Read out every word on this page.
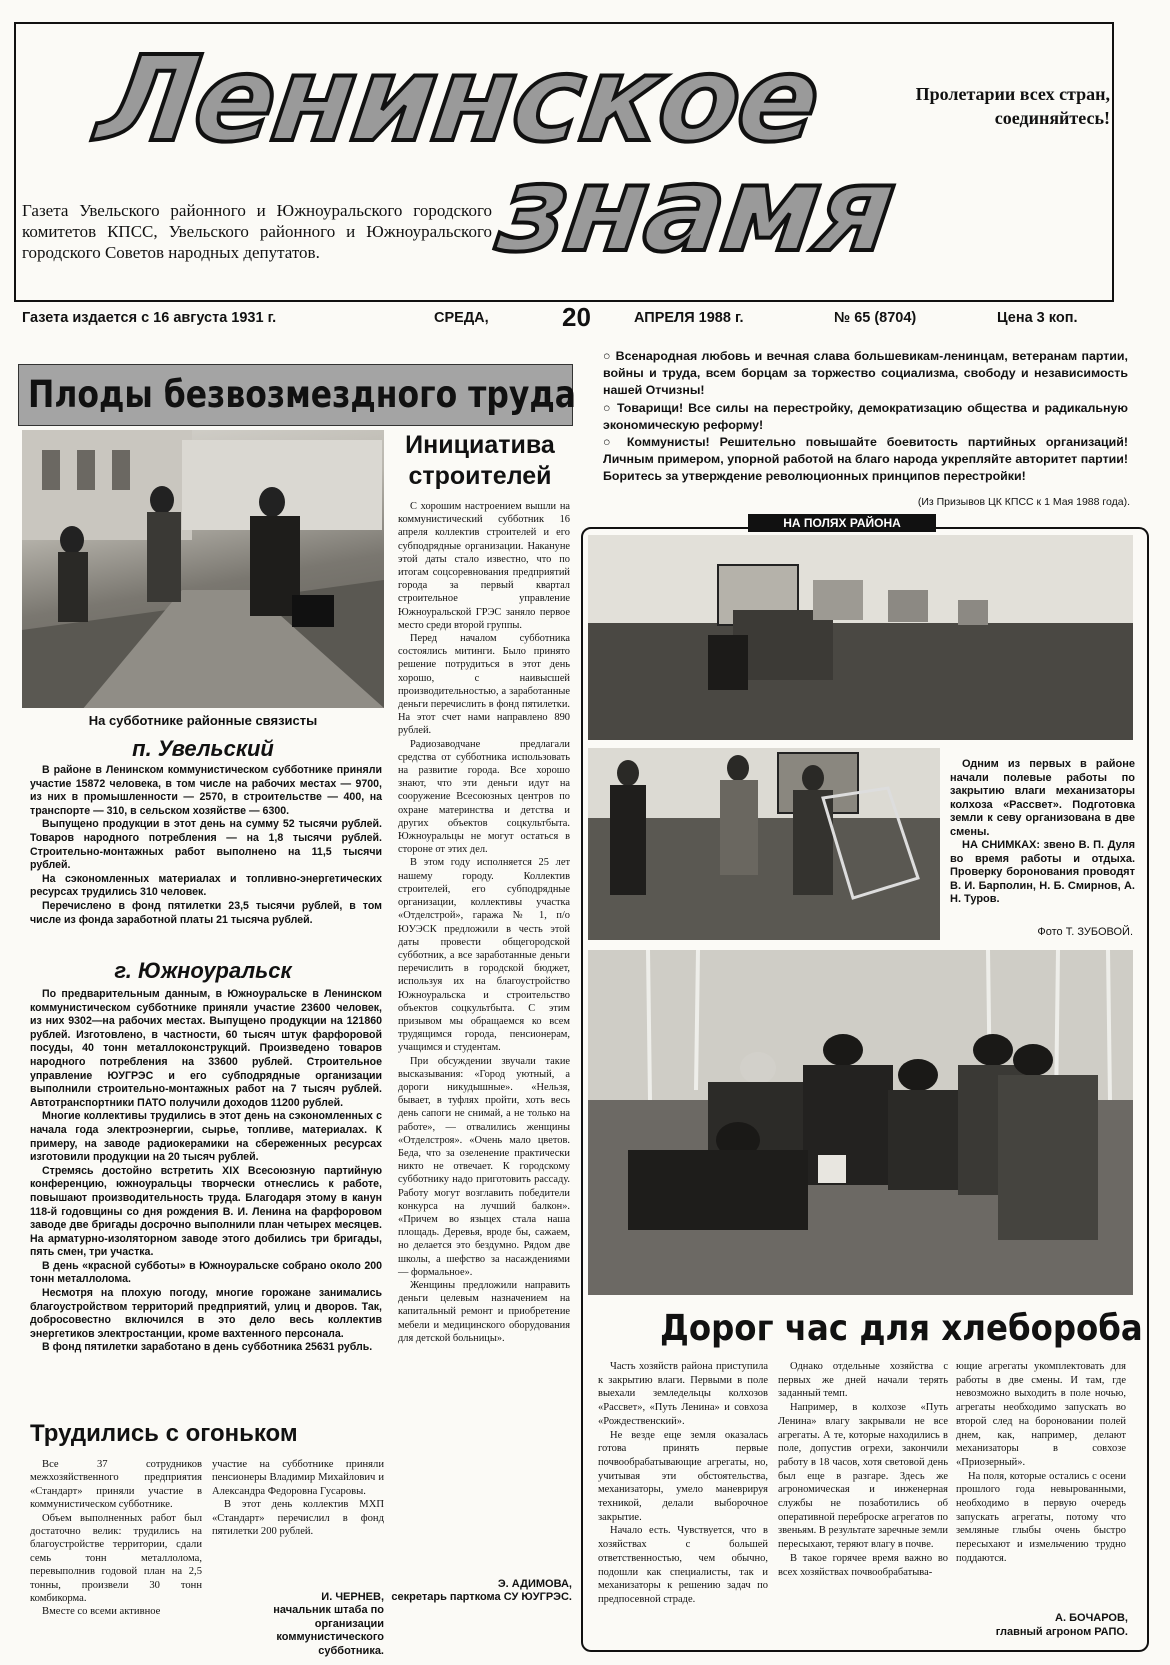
Ленинское
знамя
Пролетарии всех стран, соединяйтесь!
Газета Увельского районного и Южноуральского городского комитетов КПСС, Увельского районного и Южноуральского городского Советов народных депутатов.
Газета издается с 16 августа 1931 г.	СРЕДА,	20	АПРЕЛЯ 1988 г.	№ 65 (8704)	Цена 3 коп.
Плоды безвозмездного труда
На субботнике районные связисты
п. Увельский

В районе в Ленинском коммунистическом субботнике приняли участие 15872 человека, в том числе на рабочих местах — 9700, из них в промышленности — 2570, в строительстве — 400, на транспорте — 310, в сельском хозяйстве — 6300.

Выпущено продукции в этот день на сумму 52 тысячи рублей. Товаров народного потребления — на 1,8 тысячи рублей. Строительно-монтажных работ выполнено на 11,5 тысячи рублей.

На сэкономленных материалах и топливно-энергетических ресурсах трудились 310 человек.

Перечислено в фонд пятилетки 23,5 тысячи рублей, в том числе из фонда заработной платы 21 тысяча рублей.

г. Южноуральск

По предварительным данным, в Южноуральске в Ленинском коммунистическом субботнике приняли участие 23600 человек, из них 9302—на рабочих местах. Выпущено продукции на 121860 рублей. Изготовлено, в частности, 60 тысяч штук фарфоровой посуды, 40 тонн металлоконструкций. Произведено товаров народного потребления на 33600 рублей. Строительное управление ЮУГРЭС и его субподрядные организации выполнили строительно-монтажных работ на 7 тысяч рублей. Автотранспортники ПАТО получили доходов 11200 рублей.

Многие коллективы трудились в этот день на сэкономленных с начала года электроэнергии, сырье, топливе, материалах. К примеру, на заводе радиокерамики на сбереженных ресурсах изготовили продукции на 20 тысяч рублей.

Стремясь достойно встретить XIX Всесоюзную партийную конференцию, южноуральцы творчески отнеслись к работе, повышают производительность труда. Благодаря этому в канун 118-й годовщины со дня рождения В. И. Ленина на фарфоровом заводе две бригады досрочно выполнили план четырех месяцев. На арматурно-изоляторном заводе этого добились три бригады, пять смен, три участка.

В день «красной субботы» в Южноуральске собрано около 200 тонн металлолома.

Несмотря на плохую погоду, многие горожане занимались благоустройством территорий предприятий, улиц и дворов. Так, добросовестно включился в это дело весь коллектив энергетиков электростанции, кроме вахтенного персонала.

В фонд пятилетки заработано в день субботника 25631 рубль.

Трудились с огоньком

Все 37 сотрудников межхозяйственного предприятия «Стандарт» приняли участие в коммунистическом субботнике.

Объем выполненных работ был достаточно велик: трудились на благоустройстве территории, сдали семь тонн металлолома, перевыполнив годовой план на 2,5 тонны, произвели 30 тонн комбикорма.

Вместе со всеми активное

участие на субботнике приняли пенсионеры Владимир Михайлович и Александра Федоровна Гусаровы.

В этот день коллектив МХП «Стандарт» перечислил в фонд пятилетки 200 рублей.

И. ЧЕРНЕВ,
начальник штаба по организации коммунистического субботника.
Инициатива строителей

С хорошим настроением вышли на коммунистический субботник 16 апреля коллектив строителей и его субподрядные организации. Накануне этой даты стало известно, что по итогам соцсоревнования предприятий города за первый квартал строительное управление Южноуральской ГРЭС заняло первое место среди второй группы.

Перед началом субботника состоялись митинги. Было принято решение потрудиться в этот день хорошо, с наивысшей производительностью, а заработанные деньги перечислить в фонд пятилетки. На этот счет нами направлено 890 рублей.

Радиозаводчане предлагали средства от субботника использовать на развитие города. Все хорошо знают, что эти деньги идут на сооружение Всесоюзных центров по охране материнства и детства и других объектов соцкультбыта. Южноуральцы не могут остаться в стороне от этих дел.

В этом году исполняется 25 лет нашему городу. Коллектив строителей, его субподрядные организации, коллективы участка «Отделстрой», гаража № 1, п/о ЮУЭСК предложили в честь этой даты провести общегородской субботник, а все заработанные деньги перечислить в городской бюджет, используя их на благоустройство Южноуральска и строительство объектов соцкультбыта. С этим призывом мы обращаемся ко всем трудящимся города, пенсионерам, учащимся и студентам.

При обсуждении звучали такие высказывания: «Город уютный, а дороги никудышные». «Нельзя, бывает, в туфлях пройти, хоть весь день сапоги не снимай, а не только на работе», — отвалились женщины «Отделстроя». «Очень мало цветов. Беда, что за озеленение практически никто не отвечает. К городскому субботнику надо приготовить рассаду. Работу могут возглавить победители конкурса на лучший балкон». «Причем во языцех стала наша площадь. Деревья, вроде бы, сажаем, но делается это бездумно. Рядом две школы, а шефство за насаждениями — формальное».

Женщины предложили направить деньги целевым назначением на капитальный ремонт и приобретение мебели и медицинского оборудования для детской больницы».

Э. АДИМОВА,
секретарь парткома СУ ЮУГРЭС.

○ Всенародная любовь и вечная слава большевикам-ленинцам, ветеранам партии, войны и труда, всем борцам за торжество социализма, свободу и независимость нашей Отчизны!

○ Товарищи! Все силы на перестройку, демократизацию общества и радикальную экономическую реформу!

○ Коммунисты! Решительно повышайте боевитость партийных организаций! Личным примером, упорной работой на благо народа укрепляйте авторитет партии! Боритесь за утверждение революционных принципов перестройки!

(Из Призывов ЦК КПСС к 1 Мая 1988 года).
НА ПОЛЯХ РАЙОНА
Одним из первых в районе начали полевые работы по закрытию влаги механизаторы колхоза «Рассвет». Подготовка земли к севу организована в две смены.
НА СНИМКАХ: звено В. П. Дуля во время работы и отдыха. Проверку боронования проводят В. И. Барполин, Н. Б. Смирнов, А. Н. Туров.
Фото Т. ЗУБОВОЙ.
Дорог час для хлебороба

Часть хозяйств района приступила к закрытию влаги. Первыми в поле выехали земледельцы колхозов «Рассвет», «Путь Ленина» и совхоза «Рождественский».

Не везде еще земля оказалась готова принять первые почвообрабатывающие агрегаты, но, учитывая эти обстоятельства, механизаторы, умело маневрируя техникой, делали выборочное закрытие.

Начало есть. Чувствуется, что в хозяйствах с большей ответственностью, чем обычно, подошли как специалисты, так и механизаторы к решению задач по предпосевной страде.

Однако отдельные хозяйства с первых же дней начали терять заданный темп.

Например, в колхозе «Путь Ленина» влагу закрывали не все агрегаты. А те, которые находились в поле, допустив огрехи, закончили работу в 18 часов, хотя световой день был еще в разгаре. Здесь же агрономическая и инженерная службы не позаботились об оперативной переброске агрегатов по звеньям. В результате заречные земли пересыхают, теряют влагу в почве.

В такое горячее время важно во всех хозяйствах почвообрабатыва-

ющие агрегаты укомплектовать для работы в две смены. И там, где невозможно выходить в поле ночью, агрегаты необходимо запускать во второй след на бороновании полей днем, как, например, делают механизаторы в совхозе «Приозерный».

На поля, которые остались с осени прошлого года невырованными, необходимо в первую очередь запускать агрегаты, потому что земляные глыбы очень быстро пересыхают и измельчению трудно поддаются.

А. БОЧАРОВ,
главный агроном РАПО.
